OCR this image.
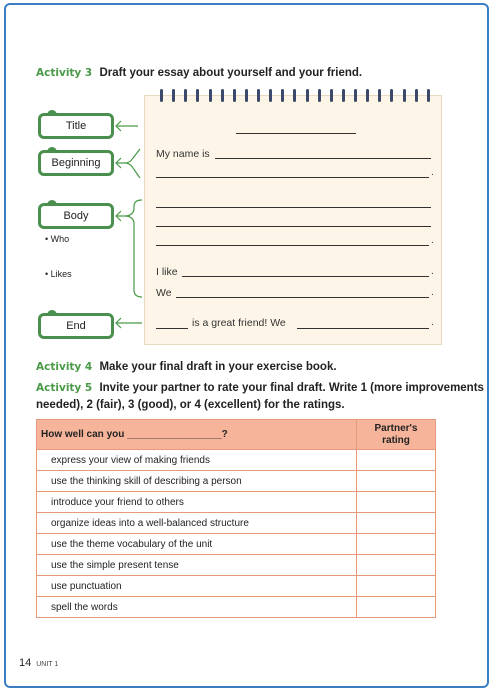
Activity 3 Draft your essay about yourself and your friend.
Title
Beginning
Body
• Who
• Likes
End
My name is
.
.
I like	.
We	.
is a great friend! We	.
Activity 4 Make your final draft in your exercise book.
Activity 5 Invite your partner to rate your final draft. Write 1 (more improvements
needed), 2 (fair), 3 (good), or 4 (excellent) for the ratings.
How well can you _________________?	Partner's
rating
express your view of making friends	
use the thinking skill of describing a person	
introduce your friend to others	
organize ideas into a well-balanced structure	
use the theme vocabulary of the unit	
use the simple present tense	
use punctuation	
spell the words	
14 UNIT 1
